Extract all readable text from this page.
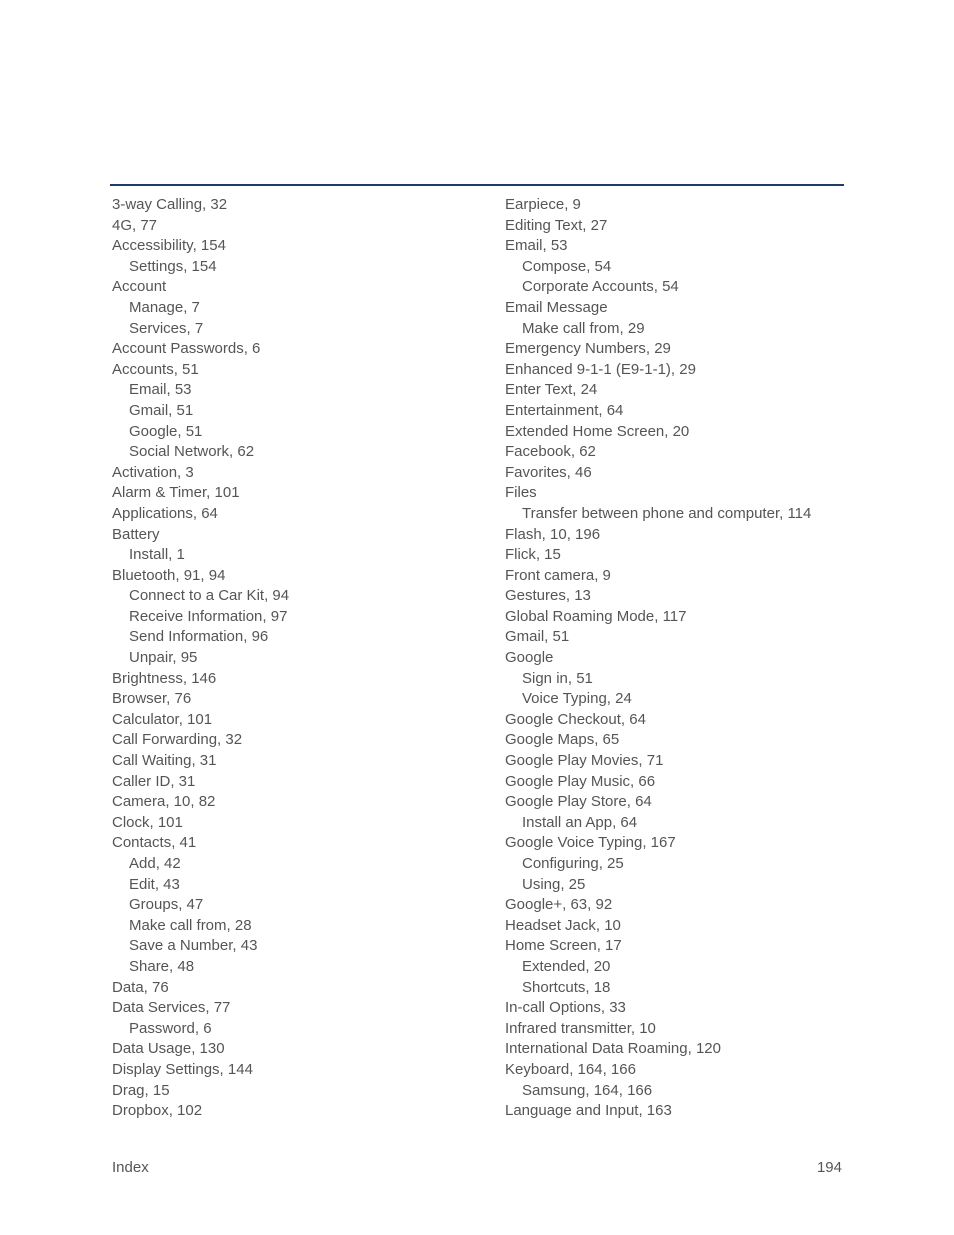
3-way Calling, 32
4G, 77
Accessibility, 154
Settings, 154
Account
Manage, 7
Services, 7
Account Passwords, 6
Accounts, 51
Email, 53
Gmail, 51
Google, 51
Social Network, 62
Activation, 3
Alarm & Timer, 101
Applications, 64
Battery
Install, 1
Bluetooth, 91, 94
Connect to a Car Kit, 94
Receive Information, 97
Send Information, 96
Unpair, 95
Brightness, 146
Browser, 76
Calculator, 101
Call Forwarding, 32
Call Waiting, 31
Caller ID, 31
Camera, 10, 82
Clock, 101
Contacts, 41
Add, 42
Edit, 43
Groups, 47
Make call from, 28
Save a Number, 43
Share, 48
Data, 76
Data Services, 77
Password, 6
Data Usage, 130
Display Settings, 144
Drag, 15
Dropbox, 102
Earpiece, 9
Editing Text, 27
Email, 53
Compose, 54
Corporate Accounts, 54
Email Message
Make call from, 29
Emergency Numbers, 29
Enhanced 9-1-1 (E9-1-1), 29
Enter Text, 24
Entertainment, 64
Extended Home Screen, 20
Facebook, 62
Favorites, 46
Files
Transfer between phone and computer, 114
Flash, 10, 196
Flick, 15
Front camera, 9
Gestures, 13
Global Roaming Mode, 117
Gmail, 51
Google
Sign in, 51
Voice Typing, 24
Google Checkout, 64
Google Maps, 65
Google Play Movies, 71
Google Play Music, 66
Google Play Store, 64
Install an App, 64
Google Voice Typing, 167
Configuring, 25
Using, 25
Google+, 63, 92
Headset Jack, 10
Home Screen, 17
Extended, 20
Shortcuts, 18
In-call Options, 33
Infrared transmitter, 10
International Data Roaming, 120
Keyboard, 164, 166
Samsung, 164, 166
Language and Input, 163
Index	194
